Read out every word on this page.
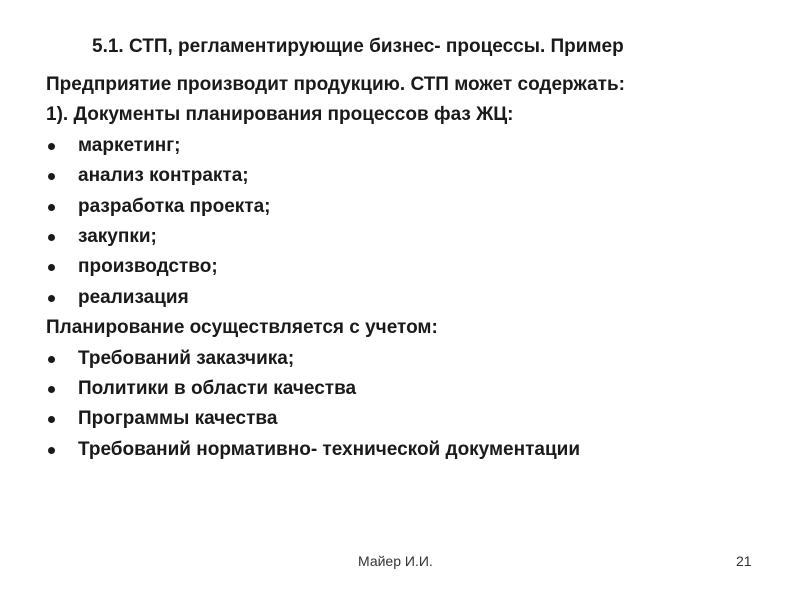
5.1. СТП, регламентирующие бизнес- процессы. Пример
Предприятие производит продукцию. СТП может содержать:
1). Документы планирования процессов фаз ЖЦ:
маркетинг;
анализ контракта;
разработка проекта;
закупки;
производство;
реализация
Планирование осуществляется с учетом:
Требований заказчика;
Политики в области качества
Программы качества
Требований нормативно- технической документации
Майер И.И.	21
